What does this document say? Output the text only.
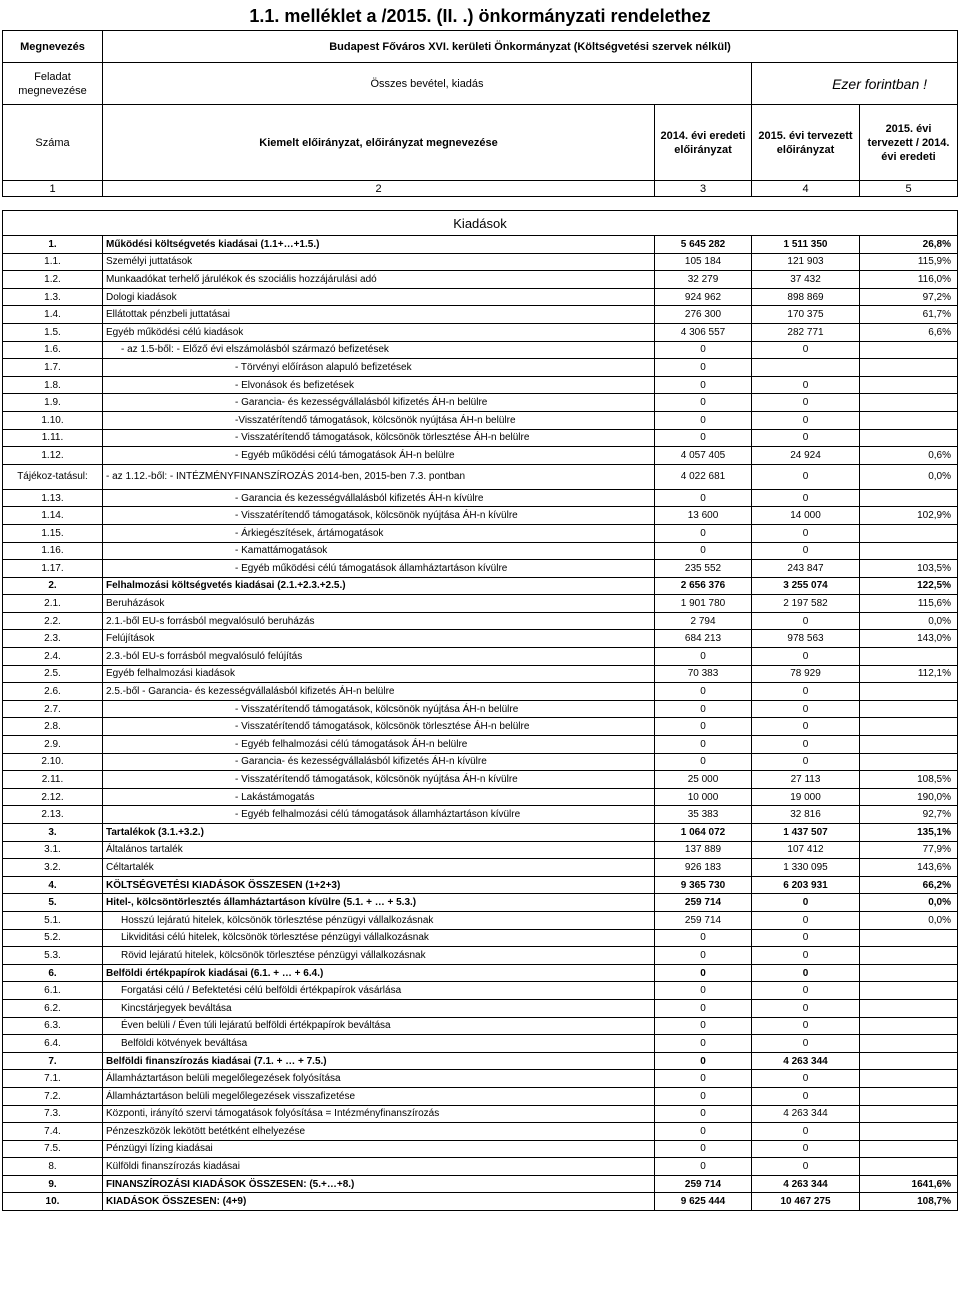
1.1. melléklet a /2015. (II. .) önkormányzati rendelethez
Megnevezés	Budapest Főváros XVI. kerületi Önkormányzat (Költségvetési szervek nélkül)			
Feladat megnevezése	Összes bevétel, kiadás		Ezer forintban !	
Száma	Kiemelt előirányzat, előirányzat megnevezése	2014. évi eredeti előirányzat	2015. évi tervezett előirányzat	2015. évi tervezett / 2014. évi eredeti
1	2	3	4	5
Kiadások				
1.	Működési költségvetés kiadásai (1.1+…+1.5.)	5 645 282	1 511 350	26,8%
1.1.	Személyi juttatások	105 184	121 903	115,9%
1.2.	Munkaadókat terhelő járulékok és szociális hozzájárulási adó	32 279	37 432	116,0%
1.3.	Dologi kiadások	924 962	898 869	97,2%
1.4.	Ellátottak pénzbeli juttatásai	276 300	170 375	61,7%
1.5.	Egyéb működési célú kiadások	4 306 557	282 771	6,6%
1.6.	- az 1.5-ből: - Előző évi elszámolásból származó befizetések	0	0	
1.7.	- Törvényi előíráson alapuló befizetések	0		
1.8.	- Elvonások és befizetések	0	0	
1.9.	- Garancia- és kezességvállalásból kifizetés ÁH-n belülre	0	0	
1.10.	-Visszatérítendő támogatások, kölcsönök nyújtása ÁH-n belülre	0	0	
1.11.	- Visszatérítendő támogatások, kölcsönök törlesztése ÁH-n belülre	0	0	
1.12.	- Egyéb működési célú támogatások ÁH-n belülre	4 057 405	24 924	0,6%
Tájékoz-tatásul:	- az 1.12.-ből: - INTÉZMÉNYFINANSZÍROZÁS 2014-ben, 2015-ben 7.3. pontban	4 022 681	0	0,0%
1.13.	- Garancia és kezességvállalásból kifizetés ÁH-n kívülre	0	0	
1.14.	- Visszatérítendő támogatások, kölcsönök nyújtása ÁH-n kívülre	13 600	14 000	102,9%
1.15.	- Árkiegészítések, ártámogatások	0	0	
1.16.	- Kamattámogatások	0	0	
1.17.	- Egyéb működési célú támogatások államháztartáson kívülre	235 552	243 847	103,5%
2.	Felhalmozási költségvetés kiadásai (2.1.+2.3.+2.5.)	2 656 376	3 255 074	122,5%
2.1.	Beruházások	1 901 780	2 197 582	115,6%
2.2.	2.1.-ből EU-s forrásból megvalósuló beruházás	2 794	0	0,0%
2.3.	Felújítások	684 213	978 563	143,0%
2.4.	2.3.-ból EU-s forrásból megvalósuló felújítás	0	0	
2.5.	Egyéb felhalmozási kiadások	70 383	78 929	112,1%
2.6.	2.5.-ből - Garancia- és kezességvállalásból kifizetés ÁH-n belülre	0	0	
2.7.	- Visszatérítendő támogatások, kölcsönök nyújtása ÁH-n belülre	0	0	
2.8.	- Visszatérítendő támogatások, kölcsönök törlesztése ÁH-n belülre	0	0	
2.9.	- Egyéb felhalmozási célú támogatások ÁH-n belülre	0	0	
2.10.	- Garancia- és kezességvállalásból kifizetés ÁH-n kívülre	0	0	
2.11.	- Visszatérítendő támogatások, kölcsönök nyújtása ÁH-n kívülre	25 000	27 113	108,5%
2.12.	- Lakástámogatás	10 000	19 000	190,0%
2.13.	- Egyéb felhalmozási célú támogatások államháztartáson kívülre	35 383	32 816	92,7%
3.	Tartalékok (3.1.+3.2.)	1 064 072	1 437 507	135,1%
3.1.	Általános tartalék	137 889	107 412	77,9%
3.2.	Céltartalék	926 183	1 330 095	143,6%
4.	KÖLTSÉGVETÉSI KIADÁSOK ÖSSZESEN (1+2+3)	9 365 730	6 203 931	66,2%
5.	Hitel-, kölcsöntörlesztés államháztartáson kívülre (5.1. + … + 5.3.)	259 714	0	0,0%
5.1.	Hosszú lejáratú hitelek, kölcsönök törlesztése pénzügyi vállalkozásnak	259 714	0	0,0%
5.2.	Likviditási célú hitelek, kölcsönök törlesztése pénzügyi vállalkozásnak	0	0	
5.3.	Rövid lejáratú hitelek, kölcsönök törlesztése pénzügyi vállalkozásnak	0	0	
6.	Belföldi értékpapírok kiadásai (6.1. + … + 6.4.)	0	0	
6.1.	Forgatási célú / Befektetési célú belföldi értékpapírok vásárlása	0	0	
6.2.	Kincstárjegyek beváltása	0	0	
6.3.	Éven belüli / Éven túli lejáratú belföldi értékpapírok beváltása	0	0	
6.4.	Belföldi kötvények beváltása	0	0	
7.	Belföldi finanszírozás kiadásai (7.1. + … + 7.5.)	0	4 263 344	
7.1.	Államháztartáson belüli megelőlegezések folyósítása	0	0	
7.2.	Államháztartáson belüli megelőlegezések visszafizetése	0	0	
7.3.	Központi, irányító szervi támogatások folyósítása = Intézményfinanszírozás	0	4 263 344	
7.4.	Pénzeszközök lekötött betétként elhelyezése	0	0	
7.5.	Pénzügyi lízing kiadásai	0	0	
8.	Külföldi finanszírozás kiadásai	0	0	
9.	FINANSZÍROZÁSI KIADÁSOK ÖSSZESEN: (5.+…+8.)	259 714	4 263 344	1641,6%
10.	KIADÁSOK ÖSSZESEN: (4+9)	9 625 444	10 467 275	108,7%
